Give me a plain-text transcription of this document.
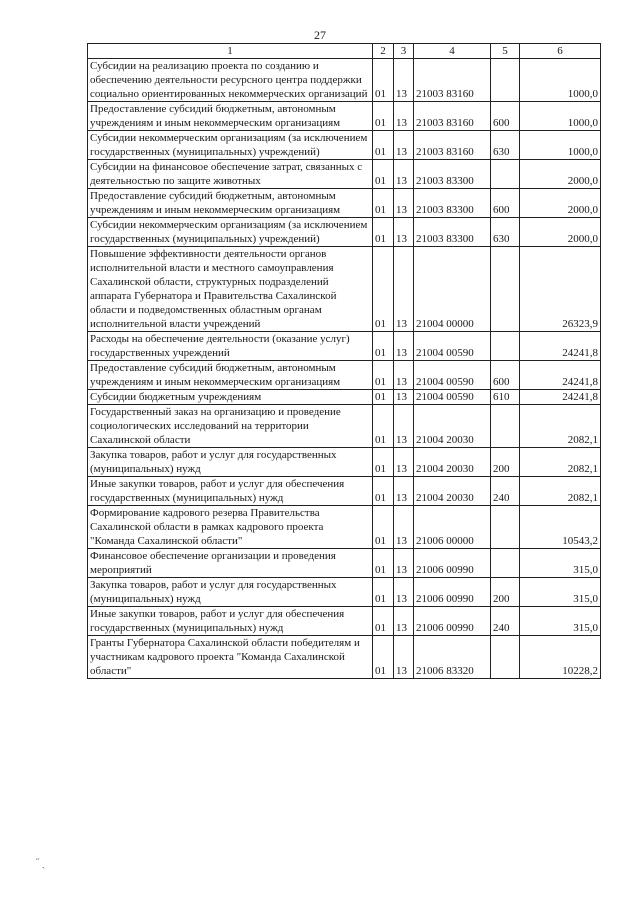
27
1	2	3	4	5	6
Субсидии на реализацию проекта по созданию и обеспечению деятельности ресурсного центра поддержки социально ориентированных некоммерческих организаций	01	13	21003 83160		1000,0
Предоставление субсидий бюджетным, автономным учреждениям и иным некоммерческим организациям	01	13	21003 83160	600	1000,0
Субсидии некоммерческим организациям (за исключением государственных (муниципальных) учреждений)	01	13	21003 83160	630	1000,0
Субсидии на финансовое обеспечение затрат, связанных с деятельностью по защите животных	01	13	21003 83300		2000,0
Предоставление субсидий бюджетным, автономным учреждениям и иным некоммерческим организациям	01	13	21003 83300	600	2000,0
Субсидии некоммерческим организациям (за исключением государственных (муниципальных) учреждений)	01	13	21003 83300	630	2000,0
Повышение эффективности деятельности органов исполнительной власти и местного самоуправления Сахалинской области, структурных подразделений аппарата Губернатора и Правительства Сахалинской области и подведомственных областным органам исполнительной власти учреждений	01	13	21004 00000		26323,9
Расходы на обеспечение деятельности (оказание услуг) государственных учреждений	01	13	21004 00590		24241,8
Предоставление субсидий бюджетным, автономным учреждениям и иным некоммерческим организациям	01	13	21004 00590	600	24241,8
Субсидии бюджетным учреждениям	01	13	21004 00590	610	24241,8
Государственный заказ на организацию и проведение социологических исследований на территории Сахалинской области	01	13	21004 20030		2082,1
Закупка товаров, работ и услуг для государственных (муниципальных) нужд	01	13	21004 20030	200	2082,1
Иные закупки товаров, работ и услуг для обеспечения государственных (муниципальных) нужд	01	13	21004 20030	240	2082,1
Формирование кадрового резерва Правительства Сахалинской области в рамках кадрового проекта "Команда Сахалинской области"	01	13	21006 00000		10543,2
Финансовое обеспечение организации и проведения мероприятий	01	13	21006 00990		315,0
Закупка товаров, работ и услуг для государственных (муниципальных) нужд	01	13	21006 00990	200	315,0
Иные закупки товаров, работ и услуг для обеспечения государственных (муниципальных) нужд	01	13	21006 00990	240	315,0
Гранты Губернатора Сахалинской области победителям и участникам кадрового проекта "Команда Сахалинской области"	01	13	21006 83320		10228,2
˝ ˎ
